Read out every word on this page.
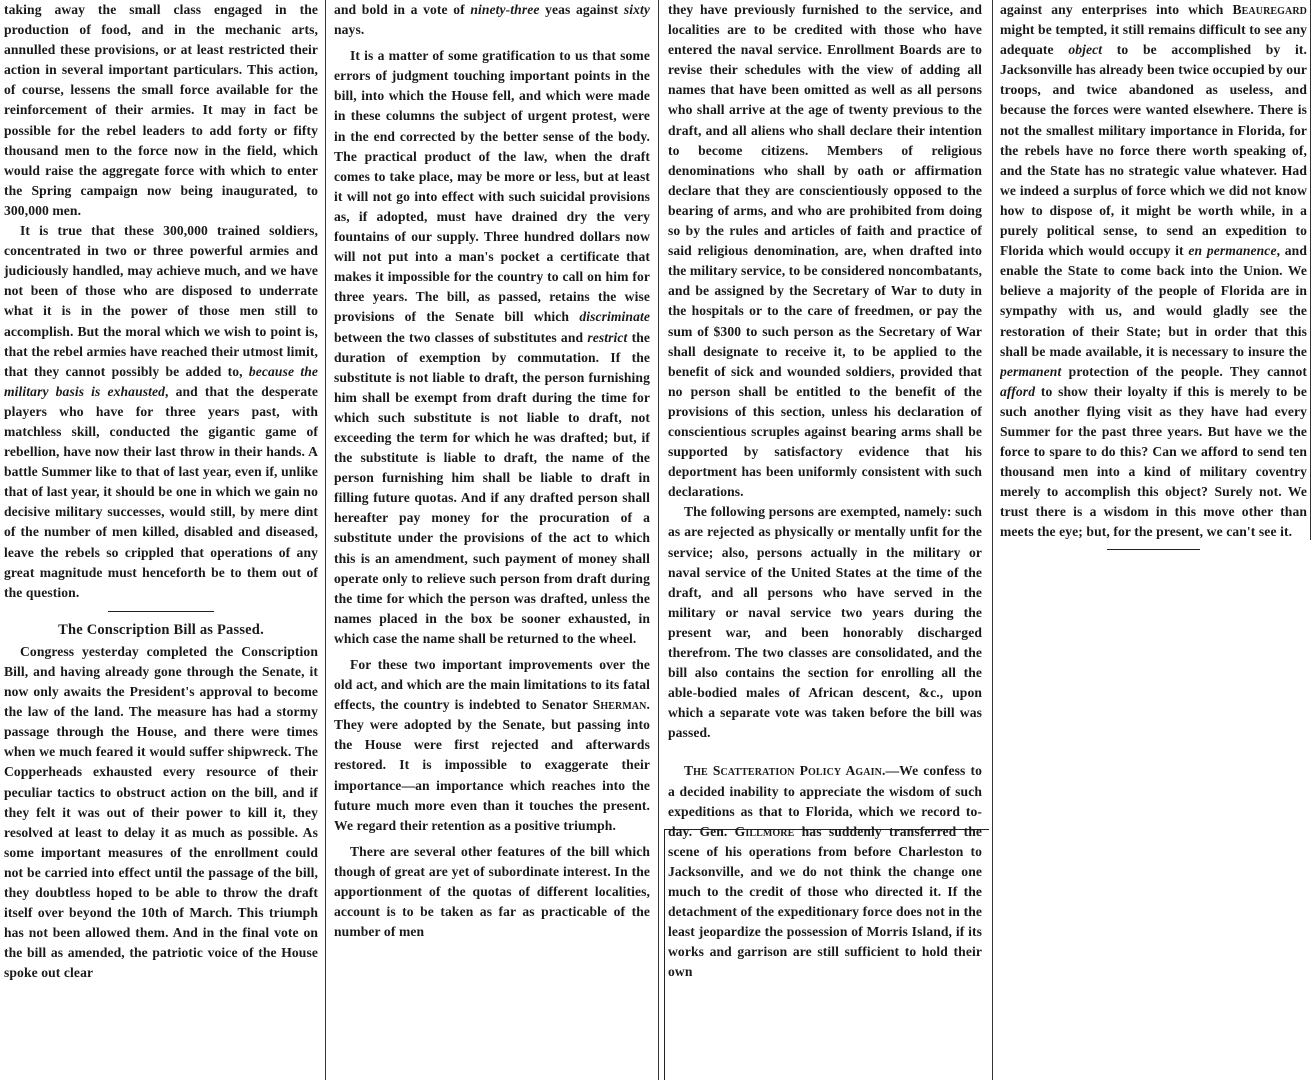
taking away the small class engaged in the production of food, and in the mechanic arts, annulled these provisions, or at least restricted their action in several important particulars. This action, of course, lessens the small force available for the reinforcement of their armies. It may in fact be possible for the rebel leaders to add forty or fifty thousand men to the force now in the field, which would raise the aggregate force with which to enter the Spring campaign now being inaugurated, to 300,000 men.

It is true that these 300,000 trained soldiers, concentrated in two or three powerful armies and judiciously handled, may achieve much, and we have not been of those who are disposed to underrate what it is in the power of those men still to accomplish. But the moral which we wish to point is, that the rebel armies have reached their utmost limit, that they cannot possibly be added to, because the military basis is exhausted, and that the desperate players who have for three years past, with matchless skill, conducted the gigantic game of rebellion, have now their last throw in their hands. A battle Summer like to that of last year, even if, unlike that of last year, it should be one in which we gain no decisive military successes, would still, by mere dint of the number of men killed, disabled and diseased, leave the rebels so crippled that operations of any great magnitude must henceforth be to them out of the question.

The Conscription Bill as Passed.

Congress yesterday completed the Conscription Bill, and having already gone through the Senate, it now only awaits the President's approval to become the law of the land. The measure has had a stormy passage through the House, and there were times when we much feared it would suffer shipwreck. The Copperheads exhausted every resource of their peculiar tactics to obstruct action on the bill, and if they felt it was out of their power to kill it, they resolved at least to delay it as much as possible. As some important measures of the enrollment could not be carried into effect until the passage of the bill, they doubtless hoped to be able to throw the draft itself over beyond the 10th of March. This triumph has not been allowed them. And in the final vote on the bill as amended, the patriotic voice of the House spoke out clear

and bold in a vote of ninety-three yeas against sixty nays.

It is a matter of some gratification to us that some errors of judgment touching important points in the bill, into which the House fell, and which were made in these columns the subject of urgent protest, were in the end corrected by the better sense of the body. The practical product of the law, when the draft comes to take place, may be more or less, but at least it will not go into effect with such suicidal provisions as, if adopted, must have drained dry the very fountains of our supply. Three hundred dollars now will not put into a man's pocket a certificate that makes it impossible for the country to call on him for three years. The bill, as passed, retains the wise provisions of the Senate bill which discriminate between the two classes of substitutes and restrict the duration of exemption by commutation. If the substitute is not liable to draft, the person furnishing him shall be exempt from draft during the time for which such substitute is not liable to draft, not exceeding the term for which he was drafted; but, if the substitute is liable to draft, the name of the person furnishing him shall be liable to draft in filling future quotas. And if any drafted person shall hereafter pay money for the procuration of a substitute under the provisions of the act to which this is an amendment, such payment of money shall operate only to relieve such person from draft during the time for which the person was drafted, unless the names placed in the box be sooner exhausted, in which case the name shall be returned to the wheel.

For these two important improvements over the old act, and which are the main limitations to its fatal effects, the country is indebted to Senator Sherman. They were adopted by the Senate, but passing into the House were first rejected and afterwards restored. It is impossible to exaggerate their importance—an importance which reaches into the future much more even than it touches the present. We regard their retention as a positive triumph.

There are several other features of the bill which though of great are yet of subordinate interest. In the apportionment of the quotas of different localities, account is to be taken as far as practicable of the number of men

they have previously furnished to the service, and localities are to be credited with those who have entered the naval service. Enrollment Boards are to revise their schedules with the view of adding all names that have been omitted as well as all persons who shall arrive at the age of twenty previous to the draft, and all aliens who shall declare their intention to become citizens. Members of religious denominations who shall by oath or affirmation declare that they are conscientiously opposed to the bearing of arms, and who are prohibited from doing so by the rules and articles of faith and practice of said religious denomination, are, when drafted into the military service, to be considered noncombatants, and be assigned by the Secretary of War to duty in the hospitals or to the care of freedmen, or pay the sum of $300 to such person as the Secretary of War shall designate to receive it, to be applied to the benefit of sick and wounded soldiers, provided that no person shall be entitled to the benefit of the provisions of this section, unless his declaration of conscientious scruples against bearing arms shall be supported by satisfactory evidence that his deportment has been uniformly consistent with such declarations.

The following persons are exempted, namely: such as are rejected as physically or mentally unfit for the service; also, persons actually in the military or naval service of the United States at the time of the draft, and all persons who have served in the military or naval service two years during the present war, and been honorably discharged therefrom. The two classes are consolidated, and the bill also contains the section for enrolling all the able-bodied males of African descent, &c., upon which a separate vote was taken before the bill was passed.

The Scatteration Policy Again.—We confess to a decided inability to appreciate the wisdom of such expeditions as that to Florida, which we record to-day. Gen. Gillmore has suddenly transferred the scene of his operations from before Charleston to Jacksonville, and we do not think the change one much to the credit of those who directed it. If the detachment of the expeditionary force does not in the least jeopardize the possession of Morris Island, if its works and garrison are still sufficient to hold their own

against any enterprises into which Beauregard might be tempted, it still remains difficult to see any adequate object to be accomplished by it. Jacksonville has already been twice occupied by our troops, and twice abandoned as useless, and because the forces were wanted elsewhere. There is not the smallest military importance in Florida, for the rebels have no force there worth speaking of, and the State has no strategic value whatever. Had we indeed a surplus of force which we did not know how to dispose of, it might be worth while, in a purely political sense, to send an expedition to Florida which would occupy it en permanence, and enable the State to come back into the Union. We believe a majority of the people of Florida are in sympathy with us, and would gladly see the restoration of their State; but in order that this shall be made available, it is necessary to insure the permanent protection of the people. They cannot afford to show their loyalty if this is merely to be such another flying visit as they have had every Summer for the past three years. But have we the force to spare to do this? Can we afford to send ten thousand men into a kind of military coventry merely to accomplish this object? Surely not. We trust there is a wisdom in this move other than meets the eye; but, for the present, we can't see it.
